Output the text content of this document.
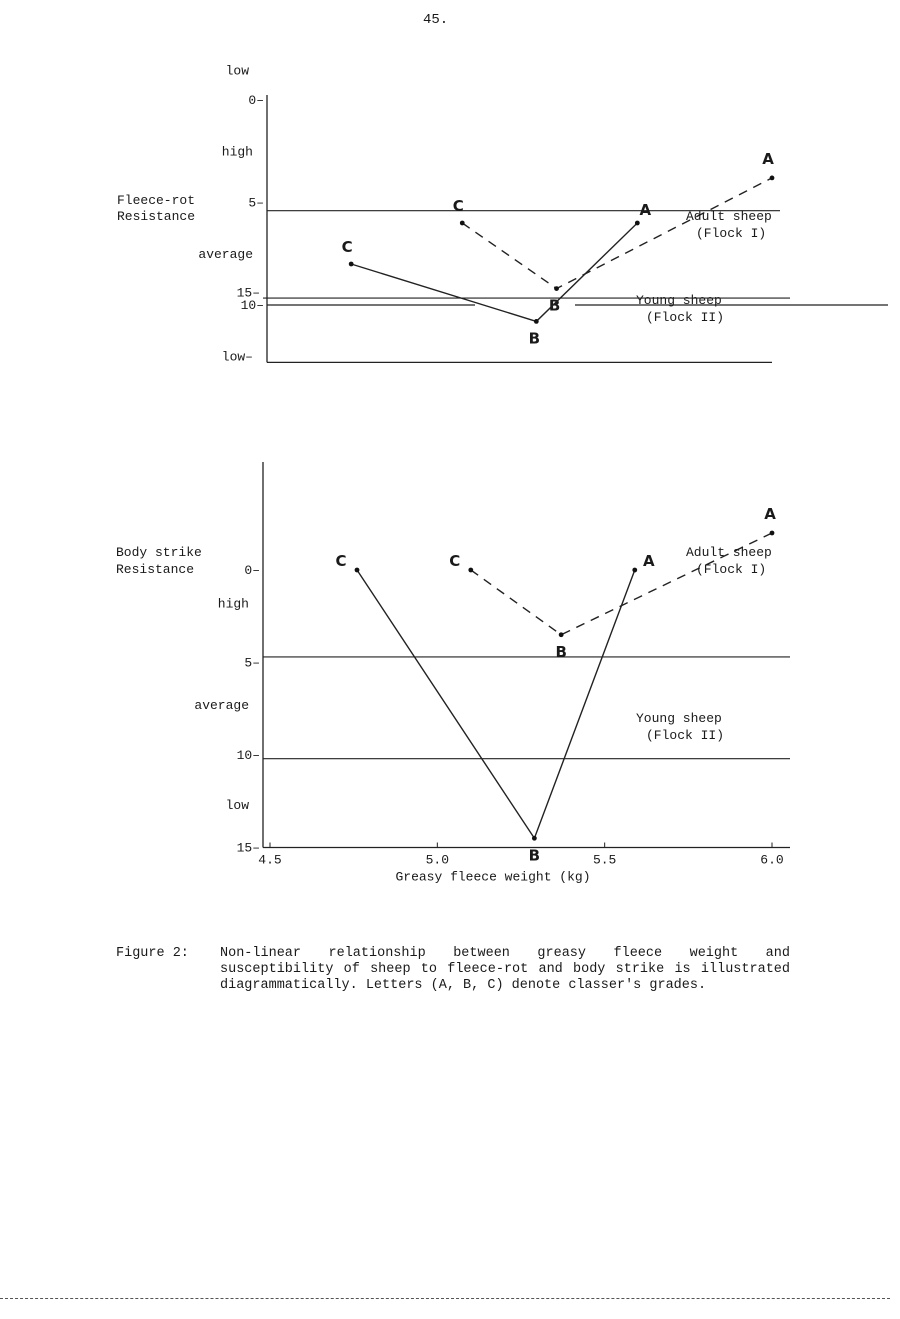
45.
0–
5–
10–
high
average
low–
Fleece-rot Resistance
C
B
A
Adult sheep (Flock I)
C
B
A
Young sheep (Flock II)
15–
0–
5–
10–
15–
low
high
average
low
Body strike Resistance
4.5	5.0	5.5	6.0
Greasy fleece weight (kg)
C
B
A
Adult sheep (Flock I)
C
B
A
Young sheep (Flock II)
Figure 2: Non-linear relationship between greasy fleece weight and susceptibility of sheep to fleece-rot and body strike is illustrated diagrammatically. Letters (A, B, C) denote classer's grades.
